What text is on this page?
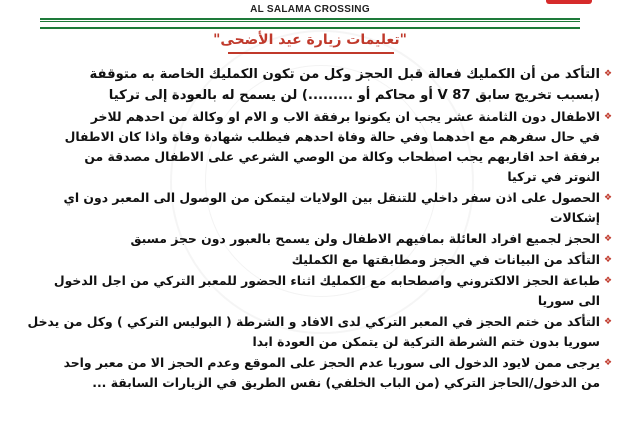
AL SALAMA CROSSING
"تعليمات زيارة عيد الأضحى"
❖

التأكد من أن الكمليك فعالة قبل الحجز وكل من تكون الكمليك الخاصة به متوقفة

(بسبب تخريج سابق V 87 أو محاكم أو .........) لن يسمح له بالعودة إلى تركيا

❖

الاطفال دون الثامنة عشر يجب ان يكونوا برفقة الاب و الام او وكالة من احدهم للاخر

في حال سفرهم مع احدهما وفي حالة وفاة احدهم فيطلب شهادة وفاة واذا كان الاطفال

برفقة احد اقاربهم يجب اصطحاب وكالة من الوصي الشرعي على الاطفال مصدقة من

النوتر في تركيا

❖

الحصول على اذن سفر داخلي للتنقل بين الولايات ليتمكن من الوصول الى المعبر دون اي إشكالات

❖

الحجز لجميع افراد العائلة بمافيهم الاطفال ولن يسمح بالعبور دون حجز مسبق

❖

التأكد من البيانات في الحجز ومطابقتها مع الكمليك

❖

طباعة الحجز الالكتروني واصطحابه مع الكمليك اثناء الحضور للمعبر التركي من اجل الدخول

الى سوريا

❖

التأكد من ختم الحجز في المعبر التركي لدى الافاد و الشرطة ( البوليس التركي ) وكل من يدخل

سوريا بدون ختم الشرطة التركية لن يتمكن من العودة ابدا

❖

يرجى ممن لايود الدخول الى سوريا عدم الحجز على الموقع وعدم الحجز الا من معبر واحد

من الدخول/الحاجز التركي (من الباب الخلفي) نفس الطريق في الزيارات السابقة ...
